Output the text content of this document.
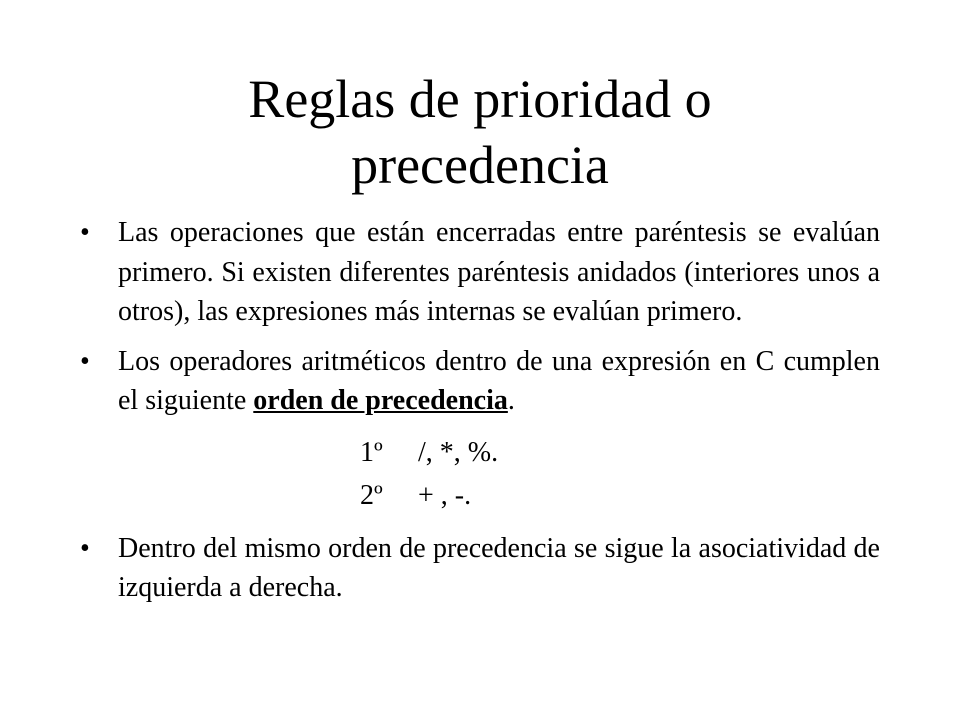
Reglas de prioridad o precedencia

• Las operaciones que están encerradas entre paréntesis se evalúan primero. Si existen diferentes paréntesis anidados (interiores unos a otros), las expresiones más internas se evalúan primero.

• Los operadores aritméticos dentro de una expresión en C cumplen el siguiente orden de precedencia.

1º /, *, %.
2º + , -.

• Dentro del mismo orden de precedencia se sigue la asociatividad de izquierda a derecha.
